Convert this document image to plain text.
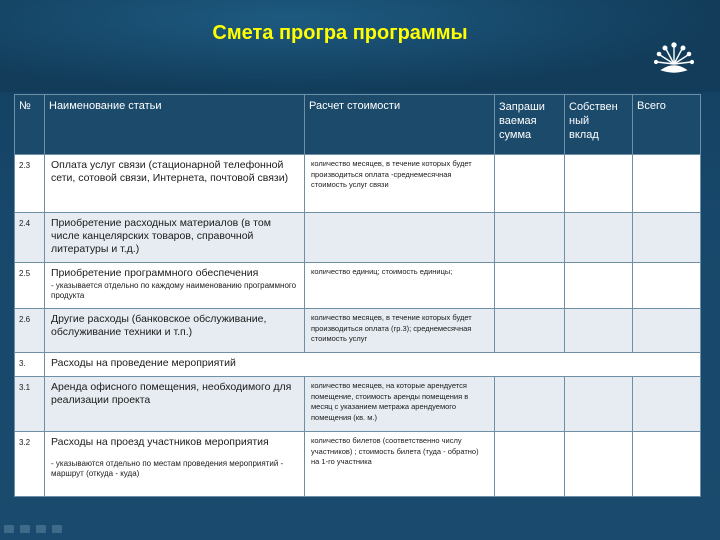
Смета програ программы
№	Наименование статьи	Расчет стоимости	Запраши
ваемая
сумма	Собствен
ный
вклад	Всего
2.3	Оплата услуг связи (стационарной телефонной сети, сотовой связи, Интернета, почтовой связи)	количество месяцев, в течение которых будет производиться оплата -среднемесячная стоимость услуг связи			
2.4	Приобретение расходных материалов (в том числе канцелярских товаров, справочной литературы и т.д.)				
2.5	Приобретение программного обеспечения
- указывается отдельно по каждому наименованию программного продукта	количество единиц; стоимость единицы;			
2.6	Другие расходы (банковское обслуживание, обслуживание техники и т.п.)	количество месяцев, в течение которых будет производиться оплата (гр.3); среднемесячная стоимость услуг			
3.	Расходы на проведение мероприятий				
3.1	Аренда офисного помещения, необходимого для реализации проекта	количество месяцев, на которые арендуется помещение, стоимость аренды помещения в месяц с указанием метража арендуемого помещения (кв. м.)			
3.2	Расходы на проезд участников мероприятия
- указываются отдельно по местам проведения мероприятий - маршрут (откуда - куда)	количество билетов (соответственно числу участников) ; стоимость билета (туда - обратно) на 1-го участника			
